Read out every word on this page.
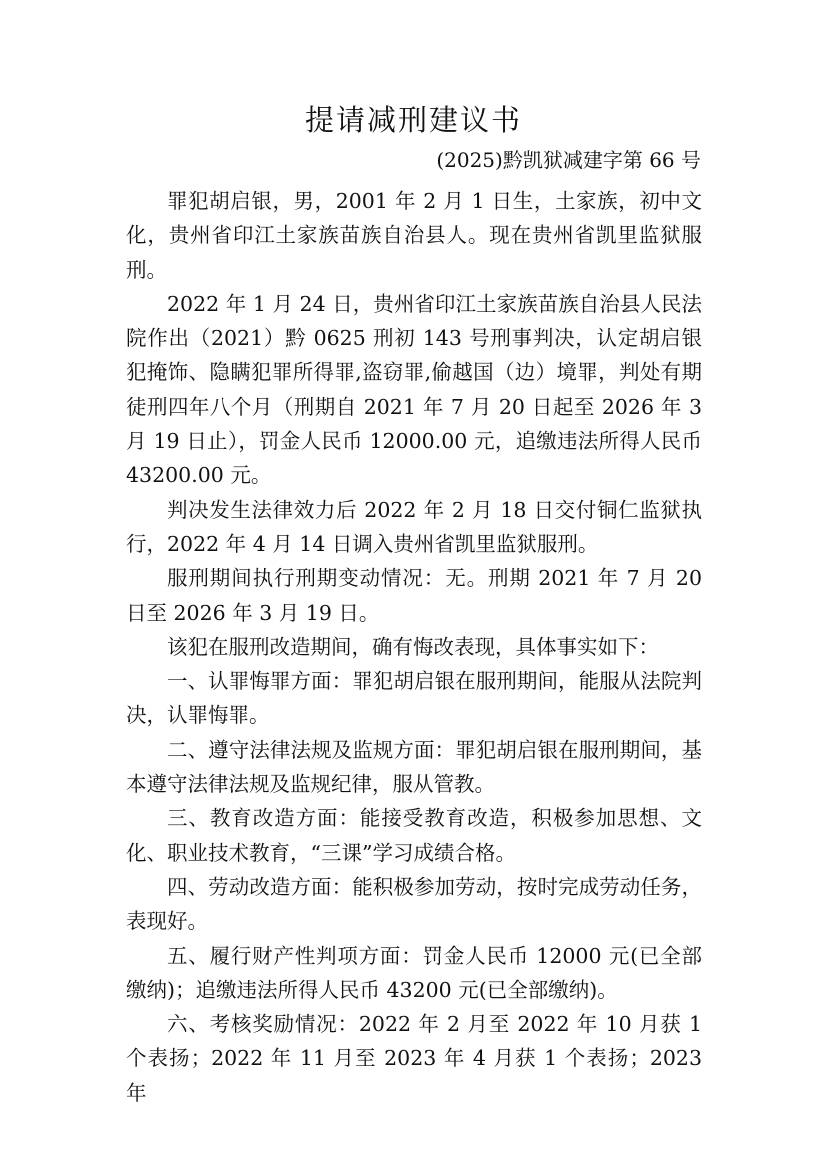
提请减刑建议书
(2025)黔凯狱减建字第 66 号

罪犯胡启银，男，2001 年 2 月 1 日生，土家族，初中文化，贵州省印江土家族苗族自治县人。现在贵州省凯里监狱服刑。

2022 年 1 月 24 日，贵州省印江土家族苗族自治县人民法院作出（2021）黔 0625 刑初 143 号刑事判决，认定胡启银犯掩饰、隐瞒犯罪所得罪,盗窃罪,偷越国（边）境罪，判处有期徒刑四年八个月（刑期自 2021 年 7 月 20 日起至 2026 年 3 月 19 日止），罚金人民币 12000.00 元，追缴违法所得人民币 43200.00 元。

判决发生法律效力后 2022 年 2 月 18 日交付铜仁监狱执行，2022 年 4 月 14 日调入贵州省凯里监狱服刑。

服刑期间执行刑期变动情况：无。刑期 2021 年 7 月 20 日至 2026 年 3 月 19 日。

该犯在服刑改造期间，确有悔改表现，具体事实如下：

一、认罪悔罪方面：罪犯胡启银在服刑期间，能服从法院判决，认罪悔罪。

二、遵守法律法规及监规方面：罪犯胡启银在服刑期间，基本遵守法律法规及监规纪律，服从管教。

三、教育改造方面：能接受教育改造，积极参加思想、文化、职业技术教育，“三课”学习成绩合格。

四、劳动改造方面：能积极参加劳动，按时完成劳动任务，表现好。

五、履行财产性判项方面：罚金人民币 12000 元(已全部缴纳)；追缴违法所得人民币 43200 元(已全部缴纳)。

六、考核奖励情况：2022 年 2 月至 2022 年 10 月获 1 个表扬；2022 年 11 月至 2023 年 4 月获 1 个表扬；2023 年
